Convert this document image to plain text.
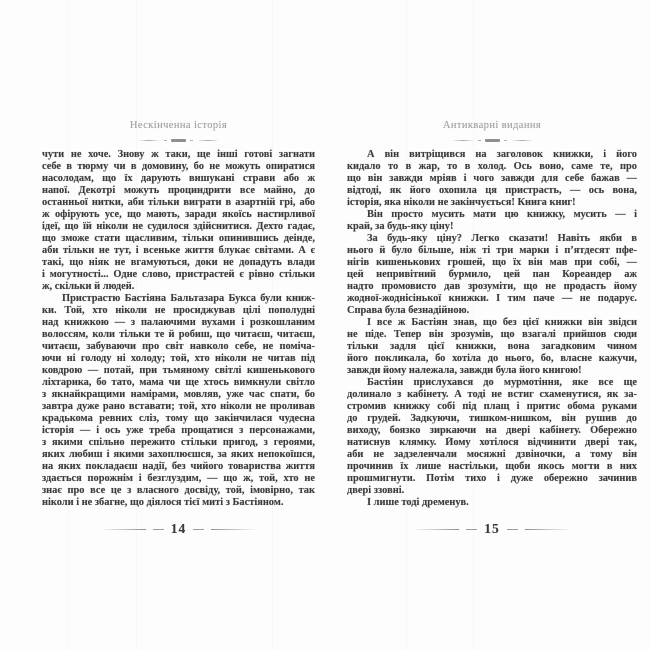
Нескінченна історія
чути не хоче. Знову ж таки, ще інші готові загнати
себе в тюрму чи в домовину, бо не можуть опиратися
насолодам, що їх дарують вишукані страви або ж
напої. Декотрі можуть проциндрити все майно, до
останньої нитки, аби тільки виграти в азартній грі, або
ж офірують усе, що мають, заради якоїсь настирливої
ідеї, що їй ніколи не судилося здійснитися. Дехто гадає,
що зможе стати щасливим, тільки опинившись деінде,
аби тільки не тут, і всеньке життя блукає світами. А є
такі, що ніяк не вгамуються, доки не допадуть влади
і могутності... Одне слово, пристрастей є рівно стільки
ж, скільки й людей.
Пристрастю Бастіяна Бальтазара Букса були книж-
ки. Той, хто ніколи не просиджував цілі пополудні
над книжкою — з палаючими вухами і розкошланим
волоссям, коли тільки те й робиш, що читаєш, читаєш,
читаєш, забуваючи про світ навколо себе, не поміча-
ючи ні голоду ні холоду; той, хто ніколи не читав під
ковдрою — потай, при тьмяному світлі кишенькового
ліхтарика, бо тато, мама чи ще хтось вимкнули світло
з якнайкращими намірами, мовляв, уже час спати, бо
завтра дуже рано вставати; той, хто ніколи не проливав
крадькома ревних сліз, тому що закінчилася чудесна
історія — і ось уже треба прощатися з персонажами,
з якими спільно пережито стільки пригод, з героями,
яких любиш і якими захоплюєшся, за яких непокоїшся,
на яких покладаєш надії, без чийого товариства життя
здається порожнім і безглуздим, — що ж, той, хто не
знає про все це з власного досвіду, той, імовірно, так
ніколи і не збагне, що діялося тієї миті з Бастіяном.
14
Антикварні видання
А він витріщився на заголовок книжки, і його
кидало то в жар, то в холод. Ось воно, саме те, про
що він завжди мріяв і чого завжди для себе бажав —
відтоді, як його охопила ця пристрасть, — ось вона,
історія, яка ніколи не закінчується! Книга книг!
Він просто мусить мати цю книжку, мусить — і
край, за будь-яку ціну!
За будь-яку ціну? Легко сказати! Навіть якби в
нього й було більше, ніж ті три марки і п’ятдесят пфе-
нігів кишенькових грошей, що їх він мав при собі, —
цей непривітний бурмило, цей пан Кореандер аж
надто промовисто дав зрозуміти, що не продасть йому
жодної-жоднісінької книжки. І тим паче — не подарує.
Справа була безнадійною.
І все ж Бастіян знав, що без цієї книжки він звідси
не піде. Тепер він зрозумів, що взагалі прийшов сюди
тільки задля цієї книжки, вона загадковим чином
його покликала, бо хотіла до нього, бо, власне кажучи,
завжди йому належала, завжди була його книгою!
Бастіян прислухався до мурмотіння, яке все ще
долинало з кабінету. А тоді не встиг схаменутися, як за-
стромив книжку собі під плащ і притис обома руками
до грудей. Задкуючи, тишком-нишком, він рушив до
виходу, боязко зиркаючи на двері кабінету. Обережно
натиснув клямку. Йому хотілося відчинити двері так,
аби не задзеленчали мосяжні дзвіночки, а тому він
прочинив їх лише настільки, щоби якось могти в них
прошмигнути. Потім тихо і дуже обережно зачинив
двері ззовні.
І лише тоді дременув.
15
